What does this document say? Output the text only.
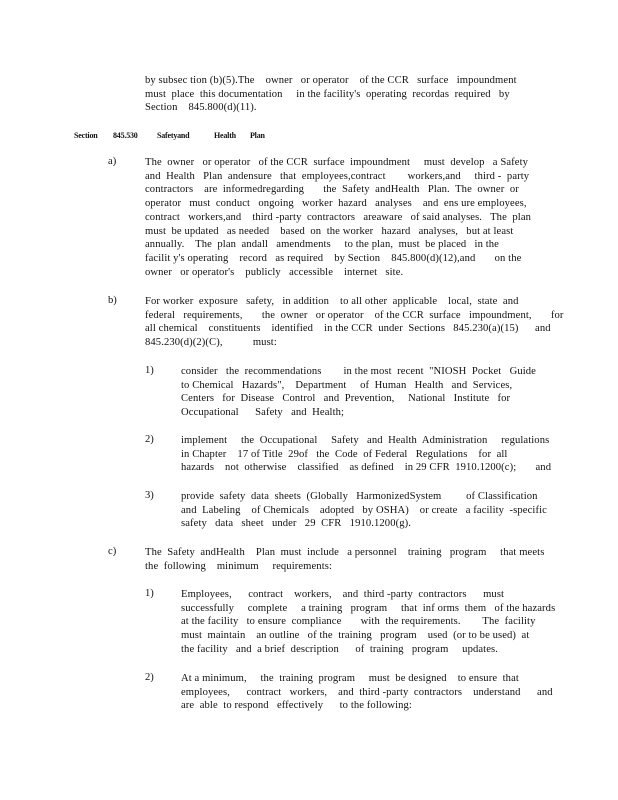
by subsec tion (b)(5).The    owner   or operator    of the CCR   surface   impoundment
must  place  this documentation     in the facility's  operating  recordas  required   by
Section    845.800(d)(11).
Section 845.530 Safetyand	Health Plan
a)	The  owner   or operator   of the CCR  surface  impoundment     must  develop   a Safety
and  Health   Plan  andensure   that  employees,contract        workers,and     third -  party
contractors    are  informedregarding       the  Safety  andHealth   Plan.  The  owner  or
operator   must  conduct   ongoing   worker  hazard   analyses    and  ens ure employees,
contract   workers,and    third -party  contractors   areaware   of said analyses.   The  plan
must  be updated   as needed    based  on  the worker   hazard   analyses,   but at least
annually.    The  plan  andall   amendments     to the plan,  must  be placed   in the
facilit y's operating    record   as required    by Section    845.800(d)(12),and       on the
owner   or operator's    publicly   accessible    internet   site.
b)	For worker  exposure   safety,   in addition    to all other  applicable    local,  state  and
federal   requirements,       the  owner   or operator    of the CCR  surface   impoundment,       for
all chemical    constituents    identified    in the CCR  under  Sections   845.230(a)(15)      and
845.230(d)(2)(C),           must:
1)	consider   the  recommendations        in the most  recent  "NIOSH  Pocket   Guide
to Chemical   Hazards",    Department     of  Human   Health   and  Services,
Centers   for  Disease   Control   and  Prevention,     National   Institute   for
Occupational      Safety   and  Health;
2)	implement     the  Occupational     Safety   and  Health  Administration     regulations
in Chapter    17 of Title  29of   the  Code  of Federal   Regulations    for  all
hazards    not  otherwise    classified    as defined    in 29 CFR  1910.1200(c);       and
3)	provide  safety  data  sheets  (Globally   HarmonizedSystem         of Classification
and  Labeling    of Chemicals    adopted   by OSHA)    or create   a facility  -specific
safety   data   sheet   under   29  CFR   1910.1200(g).
c)	The  Safety  andHealth    Plan  must  include   a personnel    training   program     that meets
the  following    minimum     requirements:
1)	Employees,      contract    workers,    and  third -party  contractors      must
successfully     complete     a training   program     that  inf orms  them   of the hazards
at the facility   to ensure  compliance       with  the requirements.        The  facility
must  maintain    an outline   of the  training   program    used  (or to be used)  at
the facility   and  a brief  description      of  training   program     updates.
2)	At a minimum,     the  training  program     must  be designed    to ensure  that
employees,      contract   workers,    and  third -party  contractors    understand      and
are  able  to respond   effectively      to the following:
